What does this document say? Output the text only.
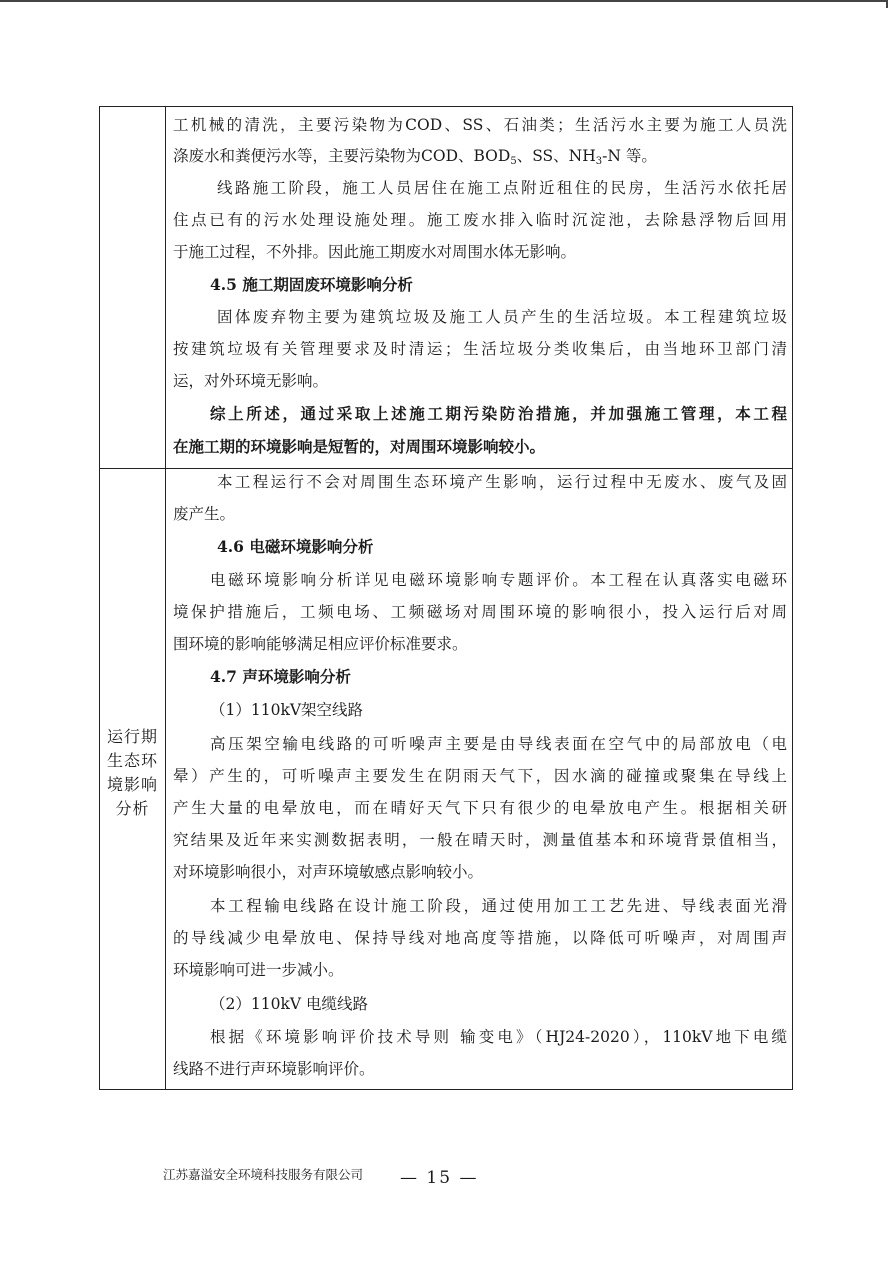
运行期
生态环
境影响
分析
工机械的清洗，主要污染物为COD、SS、石油类；生活污水主要为施工人员洗
涤废水和粪便污水等，主要污染物为COD、$BOD_5$、SS、$NH_3-N$ 等。
线路施工阶段，施工人员居住在施工点附近租住的民房，生活污水依托居
住点已有的污水处理设施处理。施工废水排入临时沉淀池，去除悬浮物后回用
于施工过程，不外排。因此施工期废水对周围水体无影响。
4.5 施工期固废环境影响分析
固体废弃物主要为建筑垃圾及施工人员产生的生活垃圾。本工程建筑垃圾
按建筑垃圾有关管理要求及时清运；生活垃圾分类收集后，由当地环卫部门清
运，对外环境无影响。
综上所述，通过采取上述施工期污染防治措施，并加强施工管理，本工程
在施工期的环境影响是短暂的，对周围环境影响较小。
本工程运行不会对周围生态环境产生影响，运行过程中无废水、废气及固
废产生。
4.6 电磁环境影响分析
电磁环境影响分析详见电磁环境影响专题评价。本工程在认真落实电磁环
境保护措施后，工频电场、工频磁场对周围环境的影响很小，投入运行后对周
围环境的影响能够满足相应评价标准要求。
4.7 声环境影响分析
（1）110kV架空线路
高压架空输电线路的可听噪声主要是由导线表面在空气中的局部放电（电
晕）产生的，可听噪声主要发生在阴雨天气下，因水滴的碰撞或聚集在导线上
产生大量的电晕放电，而在晴好天气下只有很少的电晕放电产生。根据相关研
究结果及近年来实测数据表明，一般在晴天时，测量值基本和环境背景值相当，
对环境影响很小，对声环境敏感点影响较小。
本工程输电线路在设计施工阶段，通过使用加工工艺先进、导线表面光滑
的导线减少电晕放电、保持导线对地高度等措施，以降低可听噪声，对周围声
环境影响可进一步减小。
（2）110kV 电缆线路
根据《环境影响评价技术导则 输变电》（HJ24-2020），110kV地下电缆
线路不进行声环境影响评价。
江苏嘉溢安全环境科技服务有限公司 — 15 —
